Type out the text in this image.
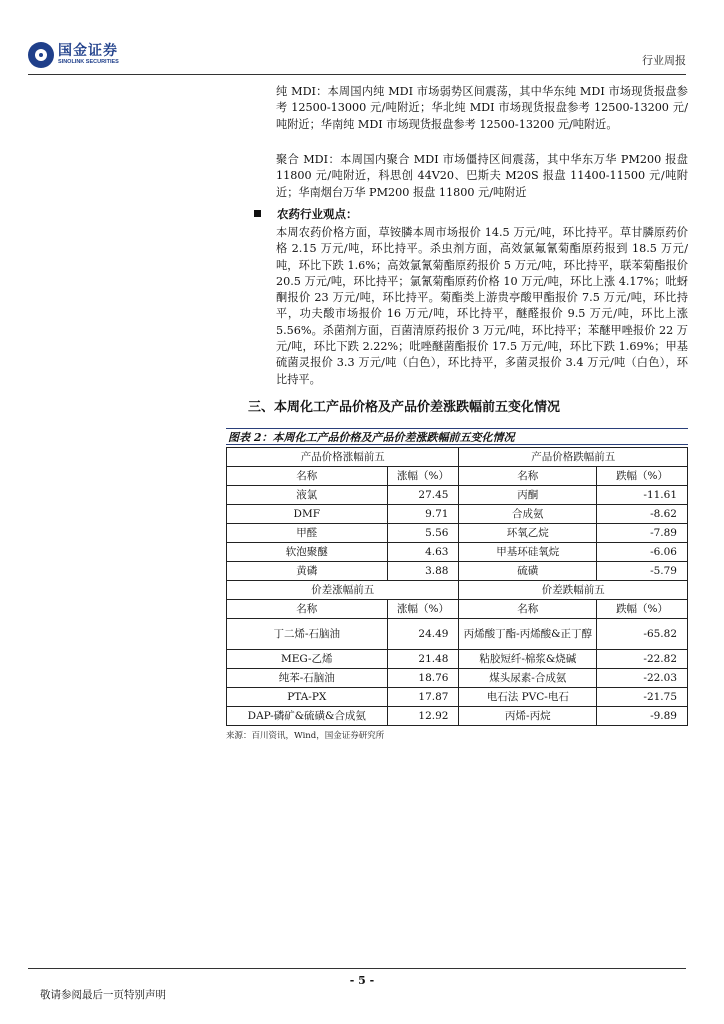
国金证券
SINOLINK SECURITIES	行业周报
纯 MDI：本周国内纯 MDI 市场弱势区间震荡，其中华东纯 MDI 市场现货报盘参考 12500-13000 元/吨附近；华北纯 MDI 市场现货报盘参考 12500-13200 元/吨附近；华南纯 MDI 市场现货报盘参考 12500-13200 元/吨附近。
聚合 MDI：本周国内聚合 MDI 市场僵持区间震荡，其中华东万华 PM200 报盘 11800 元/吨附近，科思创 44V20、巴斯夫 M20S 报盘 11400-11500 元/吨附近；华南烟台万华 PM200 报盘 11800 元/吨附近
农药行业观点：
本周农药价格方面，草铵膦本周市场报价 14.5 万元/吨，环比持平。草甘膦原药价格 2.15 万元/吨，环比持平。杀虫剂方面，高效氯氟氰菊酯原药报到 18.5 万元/吨，环比下跌 1.6%；高效氯氰菊酯原药报价 5 万元/吨，环比持平，联苯菊酯报价 20.5 万元/吨，环比持平；氯氰菊酯原药价格 10 万元/吨，环比上涨 4.17%；吡蚜酮报价 23 万元/吨，环比持平。菊酯类上游贵亭酸甲酯报价 7.5 万元/吨，环比持平，功夫酸市场报价 16 万元/吨，环比持平，醚醛报价 9.5 万元/吨，环比上涨 5.56%。杀菌剂方面，百菌清原药报价 3 万元/吨，环比持平；苯醚甲唑报价 22 万元/吨，环比下跌 2.22%；吡唑醚菌酯报价 17.5 万元/吨，环比下跌 1.69%；甲基硫菌灵报价 3.3 万元/吨（白色），环比持平，多菌灵报价 3.4 万元/吨（白色），环比持平。
三、本周化工产品价格及产品价差涨跌幅前五变化情况
图表 2：本周化工产品价格及产品价差涨跌幅前五变化情况
产品价格涨幅前五		产品价格跌幅前五	
名称	涨幅（%）	名称	跌幅（%）
液氯	27.45	丙酮	-11.61
DMF	9.71	合成氨	-8.62
甲醛	5.56	环氧乙烷	-7.89
软泡聚醚	4.63	甲基环硅氧烷	-6.06
黄磷	3.88	硫磺	-5.79
价差涨幅前五		价差跌幅前五	
名称	涨幅（%）	名称	跌幅（%）
丁二烯-石脑油	24.49	丙烯酸丁酯-丙烯酸&正丁醇	-65.82
MEG-乙烯	21.48	粘胶短纤-棉浆&烧碱	-22.82
纯苯-石脑油	18.76	煤头尿素-合成氨	-22.03
PTA-PX	17.87	电石法 PVC-电石	-21.75
DAP-磷矿&硫磺&合成氨	12.92	丙烯-丙烷	-9.89
来源：百川资讯，Wind，国金证券研究所
- 5 -
敬请参阅最后一页特别声明
